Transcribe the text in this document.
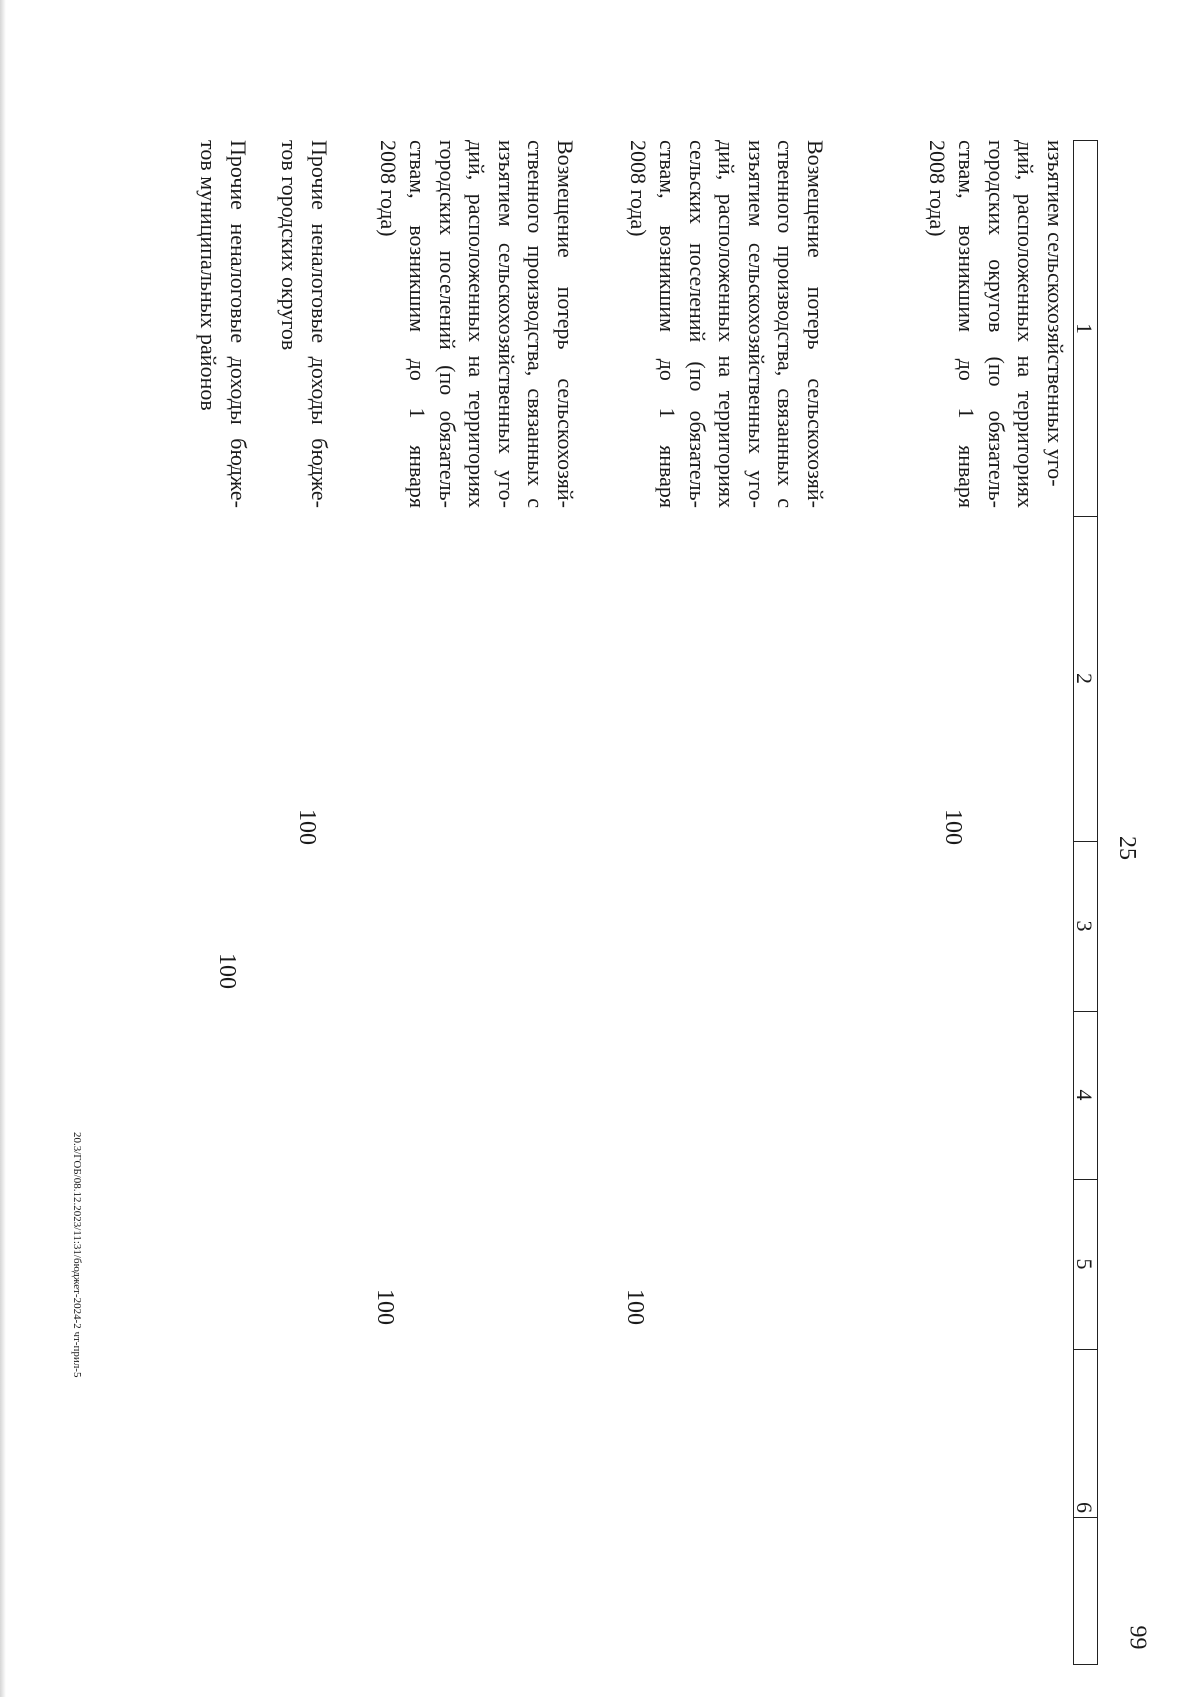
99
25
1
2
3
4
5
6
изъятием сельскохозяйственных уго-
дий, расположенных на территориях
городских округов (по обязатель-
ствам, возникшим до 1 января
2008 года)
100
Возмещение потерь сельскохозяй-
ственного производства, связанных с
изъятием сельскохозяйственных уго-
дий, расположенных на территориях
сельских поселений (по обязатель-
ствам, возникшим до 1 января
2008 года)
100
Возмещение потерь сельскохозяй-
ственного производства, связанных с
изъятием сельскохозяйственных уго-
дий, расположенных на территориях
городских поселений (по обязатель-
ствам, возникшим до 1 января
2008 года)
100
Прочие неналоговые доходы бюдже-
тов городских округов
100
Прочие неналоговые доходы бюдже-
тов муниципальных районов
100
20.3/ГОБ/08.12.2023/11:31/бюджет-2024-2 чт-прил-5
